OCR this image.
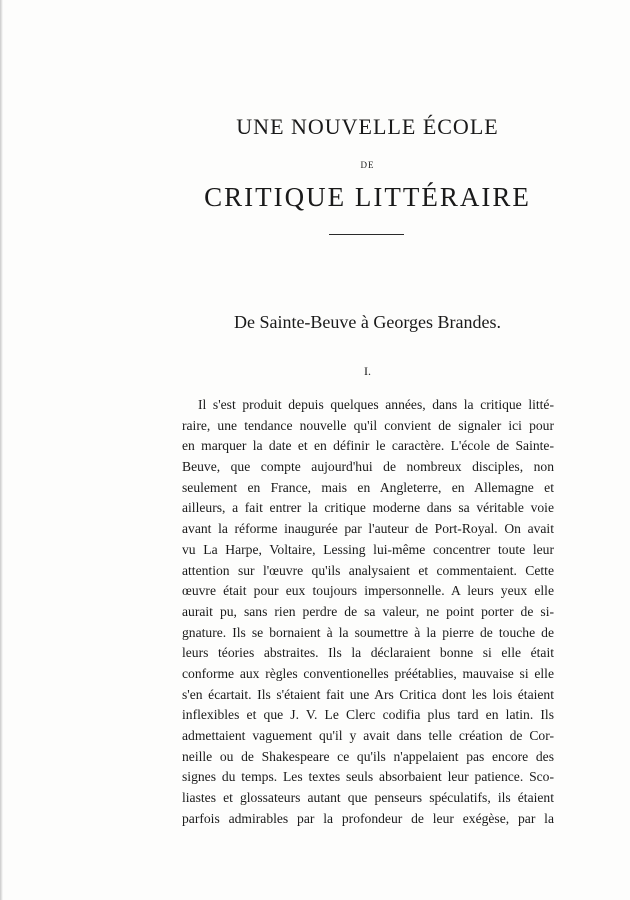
UNE NOUVELLE ÉCOLE
DE
CRITIQUE LITTÉRAIRE
De Sainte-Beuve à Georges Brandes.
I.
Il s'est produit depuis quelques années, dans la critique litté-
raire, une tendance nouvelle qu'il convient de signaler ici pour
en marquer la date et en définir le caractère. L'école de Sainte-
Beuve, que compte aujourd'hui de nombreux disciples, non
seulement en France, mais en Angleterre, en Allemagne et
ailleurs, a fait entrer la critique moderne dans sa véritable voie
avant la réforme inaugurée par l'auteur de Port-Royal. On avait
vu La Harpe, Voltaire, Lessing lui-même concentrer toute leur
attention sur l'œuvre qu'ils analysaient et commentaient. Cette
œuvre était pour eux toujours impersonnelle. A leurs yeux elle
aurait pu, sans rien perdre de sa valeur, ne point porter de si-
gnature. Ils se bornaient à la soumettre à la pierre de touche de
leurs téories abstraites. Ils la déclaraient bonne si elle était
conforme aux règles conventionelles préétablies, mauvaise si elle
s'en écartait. Ils s'étaient fait une Ars Critica dont les lois étaient
inflexibles et que J. V. Le Clerc codifia plus tard en latin. Ils
admettaient vaguement qu'il y avait dans telle création de Cor-
neille ou de Shakespeare ce qu'ils n'appelaient pas encore des
signes du temps. Les textes seuls absorbaient leur patience. Sco-
liastes et glossateurs autant que penseurs spéculatifs, ils étaient
parfois admirables par la profondeur de leur exégèse, par la
